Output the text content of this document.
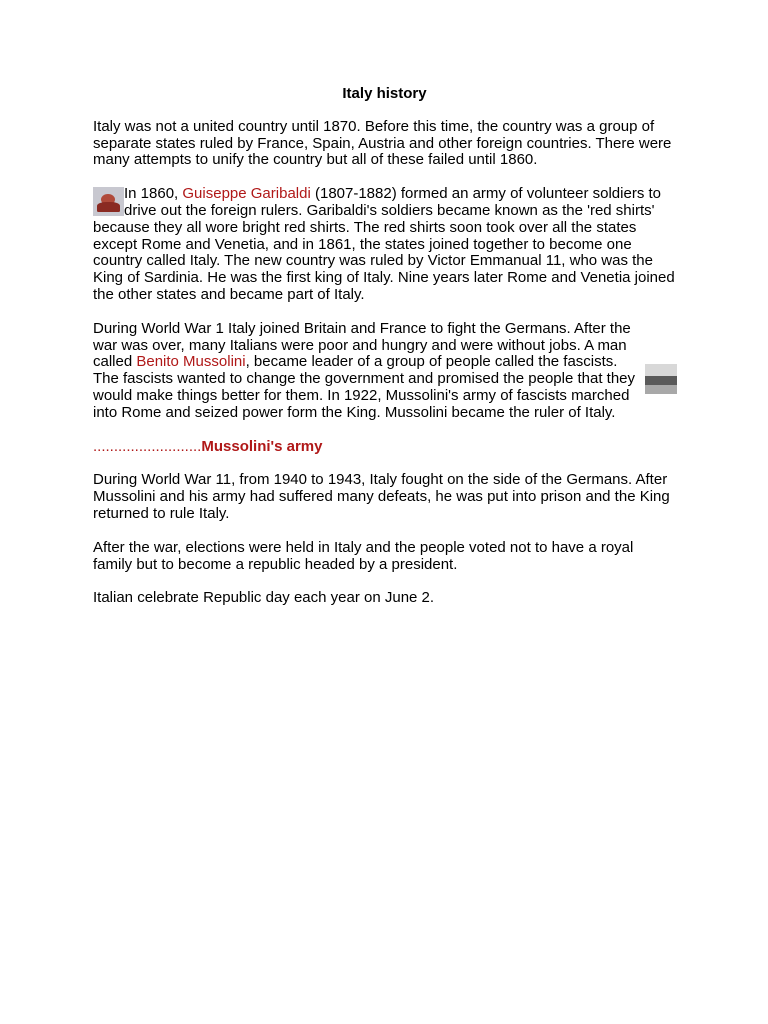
Italy history

Italy was not a united country until 1870. Before this time, the country was a group of separate states ruled by France, Spain, Austria and other foreign countries. There were many attempts to unify the country but all of these failed until 1860.

In 1860, Guiseppe Garibaldi (1807-1882) formed an army of volunteer soldiers to drive out the foreign rulers. Garibaldi's soldiers became known as the 'red shirts' because they all wore bright red shirts. The red shirts soon took over all the states except Rome and Venetia, and in 1861, the states joined together to become one country called Italy. The new country was ruled by Victor Emmanual 11, who was the King of Sardinia. He was the first king of Italy. Nine years later Rome and Venetia joined the other states and became part of Italy.

During World War 1 Italy joined Britain and France to fight the Germans. After the war was over, many Italians were poor and hungry and were without jobs. A man called Benito Mussolini, became leader of a group of people called the fascists. The fascists wanted to change the government and promised the people that they would make things better for them. In 1922, Mussolini's army of fascists marched into Rome and seized power form the King. Mussolini became the ruler of Italy.

..........................Mussolini's army

During World War 11, from 1940 to 1943, Italy fought on the side of the Germans. After Mussolini and his army had suffered many defeats, he was put into prison and the King returned to rule Italy.

After the war, elections were held in Italy and the people voted not to have a royal family but to become a republic headed by a president.

Italian celebrate Republic day each year on June 2.
